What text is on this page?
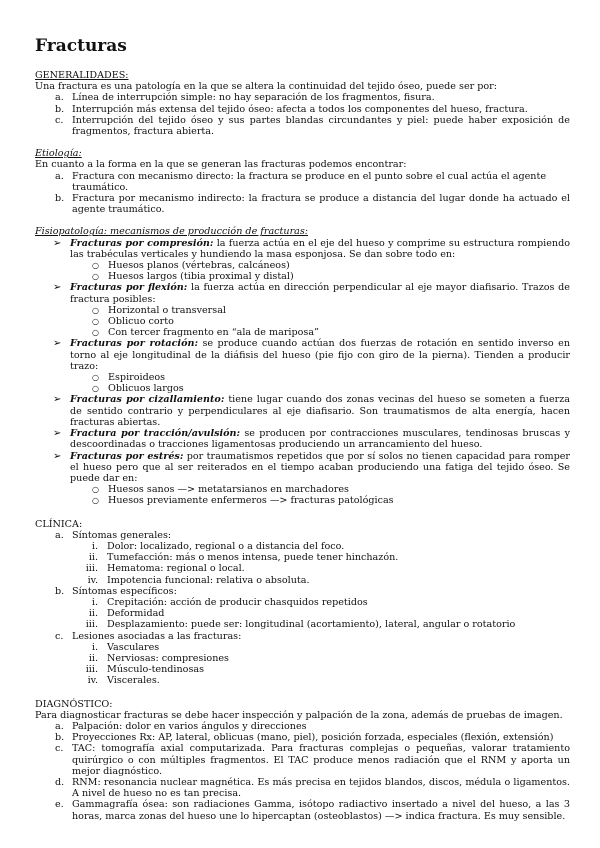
Fracturas
GENERALIDADES:
Una fractura es una patología en la que se altera la continuidad del tejido óseo, puede ser por:
a. Línea de interrupción simple: no hay separación de los fragmentos, fisura.
b. Interrupción más extensa del tejido óseo: afecta a todos los componentes del hueso, fractura.
c. Interrupción del tejido óseo y sus partes blandas circundantes y piel: puede haber exposición de fragmentos, fractura abierta.
Etiología:
En cuanto a la forma en la que se generan las fracturas podemos encontrar:
a. Fractura con mecanismo directo: la fractura se produce en el punto sobre el cual actúa el agente traumático.
b. Fractura por mecanismo indirecto: la fractura se produce a distancia del lugar donde ha actuado el agente traumático.
Fisiopatología: mecanismos de producción de fracturas:
➢ Fracturas por compresión: la fuerza actúa en el eje del hueso y comprime su estructura rompiendo las trabéculas verticales y hundiendo la masa esponjosa. Se dan sobre todo en:
○ Huesos planos (vértebras, calcáneos)
○ Huesos largos (tibia proximal y distal)
➢ Fracturas por flexión: la fuerza actúa en dirección perpendicular al eje mayor diafisario. Trazos de fractura posibles:
○ Horizontal o transversal
○ Oblicuo corto
○ Con tercer fragmento en “ala de mariposa”
➢ Fracturas por rotación: se produce cuando actúan dos fuerzas de rotación en sentido inverso en torno al eje longitudinal de la diáfisis del hueso (pie fijo con giro de la pierna). Tienden a producir trazo:
○ Espiroideos
○ Oblicuos largos
➢ Fracturas por cizallamiento: tiene lugar cuando dos zonas vecinas del hueso se someten a fuerza de sentido contrario y perpendiculares al eje diafisario. Son traumatismos de alta energía, hacen fracturas abiertas.
➢ Fractura por tracción/avulsión: se producen por contracciones musculares, tendinosas bruscas y descoordinadas o tracciones ligamentosas produciendo un arrancamiento del hueso.
➢ Fracturas por estrés: por traumatismos repetidos que por sí solos no tienen capacidad para romper el hueso pero que al ser reiterados en el tiempo acaban produciendo una fatiga del tejido óseo. Se puede dar en:
○ Huesos sanos —> metatarsianos en marchadores
○ Huesos previamente enfermeros —> fracturas patológicas
CLÍNICA:
a. Síntomas generales:
i. Dolor: localizado, regional o a distancia del foco.
ii. Tumefacción: más o menos intensa, puede tener hinchazón.
iii. Hematoma: regional o local.
iv. Impotencia funcional: relativa o absoluta.
b. Síntomas específicos:
i. Crepitación: acción de producir chasquidos repetidos
ii. Deformidad
iii. Desplazamiento: puede ser: longitudinal (acortamiento), lateral, angular o rotatorio
c. Lesiones asociadas a las fracturas:
i. Vasculares
ii. Nerviosas: compresiones
iii. Músculo-tendinosas
iv. Viscerales.
DIAGNÓSTICO:
Para diagnosticar fracturas se debe hacer inspección y palpación de la zona, además de pruebas de imagen.
a. Palpación: dolor en varios ángulos y direcciones
b. Proyecciones Rx: AP, lateral, oblicuas (mano, piel), posición forzada, especiales (flexión, extensión)
c. TAC: tomografía axial computarizada. Para fracturas complejas o pequeñas, valorar tratamiento quirúrgico o con múltiples fragmentos. El TAC produce menos radiación que el RNM y aporta un mejor diagnóstico.
d. RNM: resonancia nuclear magnética. Es más precisa en tejidos blandos, discos, médula o ligamentos. A nivel de hueso no es tan precisa.
e. Gammagrafía ósea: son radiaciones Gamma, isótopo radiactivo insertado a nivel del hueso, a las 3 horas, marca zonas del hueso une lo hipercaptan (osteoblastos) —> indica fractura. Es muy sensible.
